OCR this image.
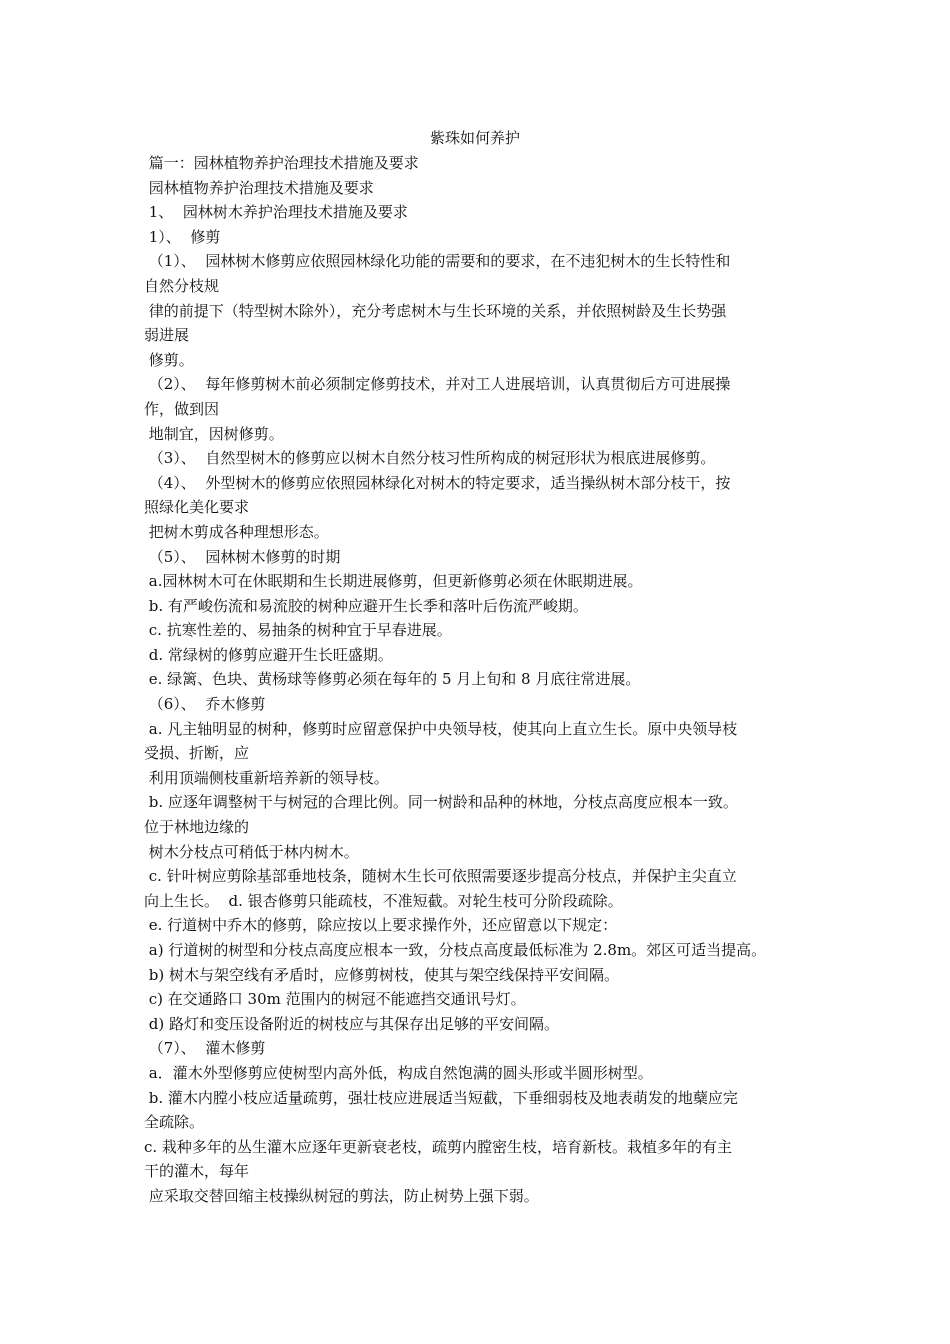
紫珠如何养护
篇一：园林植物养护治理技术措施及要求
园林植物养护治理技术措施及要求
1、  园林树木养护治理技术措施及要求
1）、  修剪
（1）、  园林树木修剪应依照园林绿化功能的需要和的要求，在不违犯树木的生长特性和
自然分枝规
律的前提下（特型树木除外），充分考虑树木与生长环境的关系，并依照树龄及生长势强
弱进展
修剪。
（2）、  每年修剪树木前必须制定修剪技术，并对工人进展培训，认真贯彻后方可进展操
作，做到因
地制宜，因树修剪。
（3）、  自然型树木的修剪应以树木自然分枝习性所构成的树冠形状为根底进展修剪。
（4）、  外型树木的修剪应依照园林绿化对树木的特定要求，适当操纵树木部分枝干，按
照绿化美化要求
把树木剪成各种理想形态。
（5）、  园林树木修剪的时期
a.园林树木可在休眠期和生长期进展修剪，但更新修剪必须在休眠期进展。
b. 有严峻伤流和易流胶的树种应避开生长季和落叶后伤流严峻期。
c. 抗寒性差的、易抽条的树种宜于早春进展。
d. 常绿树的修剪应避开生长旺盛期。
e. 绿篱、色块、黄杨球等修剪必须在每年的 5 月上旬和 8 月底往常进展。
（6）、  乔木修剪
a. 凡主轴明显的树种，修剪时应留意保护中央领导枝，使其向上直立生长。原中央领导枝
受损、折断，应
利用顶端侧枝重新培养新的领导枝。
b. 应逐年调整树干与树冠的合理比例。同一树龄和品种的林地，分枝点高度应根本一致。
位于林地边缘的
树木分枝点可稍低于林内树木。
c. 针叶树应剪除基部垂地枝条，随树木生长可依照需要逐步提高分枝点，并保护主尖直立
向上生长。  d. 银杏修剪只能疏枝，不准短截。对轮生枝可分阶段疏除。
e. 行道树中乔木的修剪，除应按以上要求操作外，还应留意以下规定：
a) 行道树的树型和分枝点高度应根本一致，分枝点高度最低标准为 2.8m。郊区可适当提高。
b) 树木与架空线有矛盾时，应修剪树枝，使其与架空线保持平安间隔。
c) 在交通路口 30m 范围内的树冠不能遮挡交通讯号灯。
d) 路灯和变压设备附近的树枝应与其保存出足够的平安间隔。
（7）、  灌木修剪
a．灌木外型修剪应使树型内高外低，构成自然饱满的圆头形或半圆形树型。
b. 灌木内膛小枝应适量疏剪，强壮枝应进展适当短截，下垂细弱枝及地表萌发的地蘖应完
全疏除。
c. 栽种多年的丛生灌木应逐年更新衰老枝，疏剪内膛密生枝，培育新枝。栽植多年的有主
干的灌木，每年
应采取交替回缩主枝操纵树冠的剪法，防止树势上强下弱。
